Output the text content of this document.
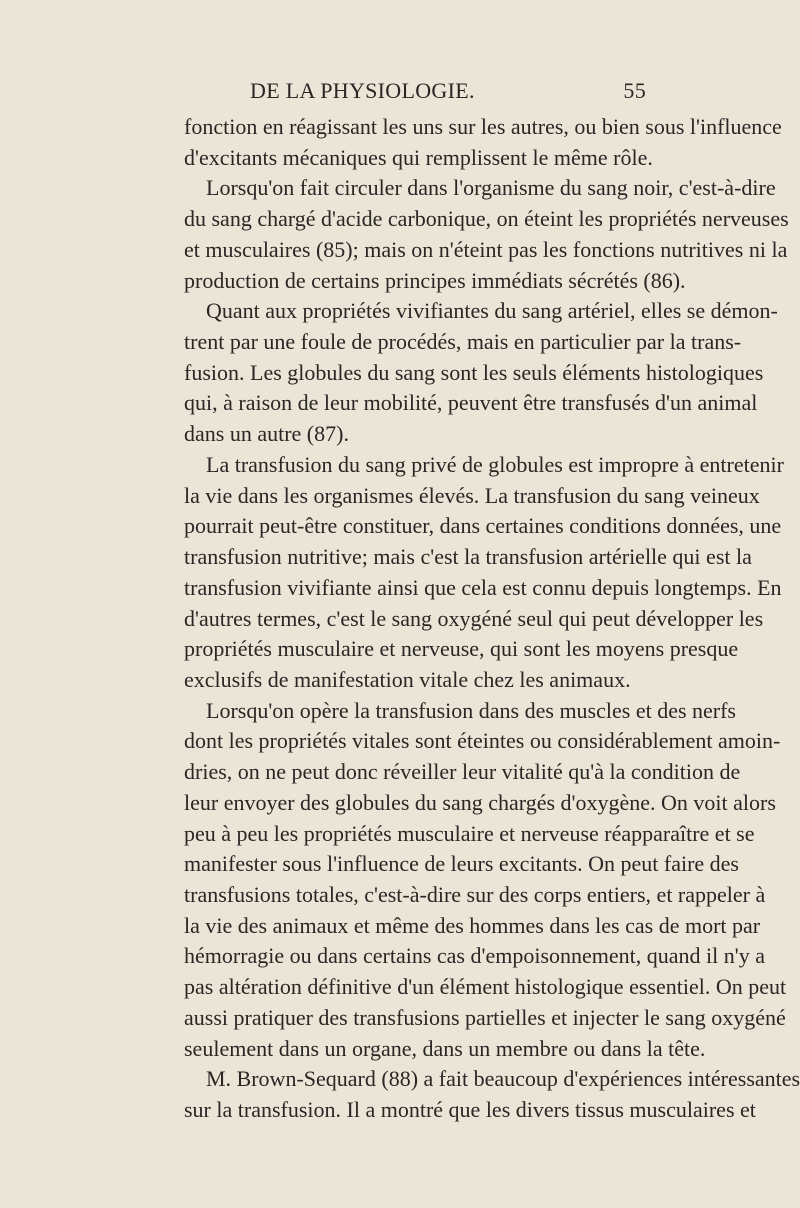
DE LA PHYSIOLOGIE.	55
fonction en réagissant les uns sur les autres, ou bien sous l'influence
d'excitants mécaniques qui remplissent le même rôle.
Lorsqu'on fait circuler dans l'organisme du sang noir, c'est-à-dire
du sang chargé d'acide carbonique, on éteint les propriétés nerveuses
et musculaires (85); mais on n'éteint pas les fonctions nutritives ni la
production de certains principes immédiats sécrétés (86).
Quant aux propriétés vivifiantes du sang artériel, elles se démon-
trent par une foule de procédés, mais en particulier par la trans-
fusion. Les globules du sang sont les seuls éléments histologiques
qui, à raison de leur mobilité, peuvent être transfusés d'un animal
dans un autre (87).
La transfusion du sang privé de globules est impropre à entretenir
la vie dans les organismes élevés. La transfusion du sang veineux
pourrait peut-être constituer, dans certaines conditions données, une
transfusion nutritive; mais c'est la transfusion artérielle qui est la
transfusion vivifiante ainsi que cela est connu depuis longtemps. En
d'autres termes, c'est le sang oxygéné seul qui peut développer les
propriétés musculaire et nerveuse, qui sont les moyens presque
exclusifs de manifestation vitale chez les animaux.
Lorsqu'on opère la transfusion dans des muscles et des nerfs
dont les propriétés vitales sont éteintes ou considérablement amoin-
dries, on ne peut donc réveiller leur vitalité qu'à la condition de
leur envoyer des globules du sang chargés d'oxygène. On voit alors
peu à peu les propriétés musculaire et nerveuse réapparaître et se
manifester sous l'influence de leurs excitants. On peut faire des
transfusions totales, c'est-à-dire sur des corps entiers, et rappeler à
la vie des animaux et même des hommes dans les cas de mort par
hémorragie ou dans certains cas d'empoisonnement, quand il n'y a
pas altération définitive d'un élément histologique essentiel. On peut
aussi pratiquer des transfusions partielles et injecter le sang oxygéné
seulement dans un organe, dans un membre ou dans la tête.
M. Brown-Sequard (88) a fait beaucoup d'expériences intéressantes
sur la transfusion. Il a montré que les divers tissus musculaires et
